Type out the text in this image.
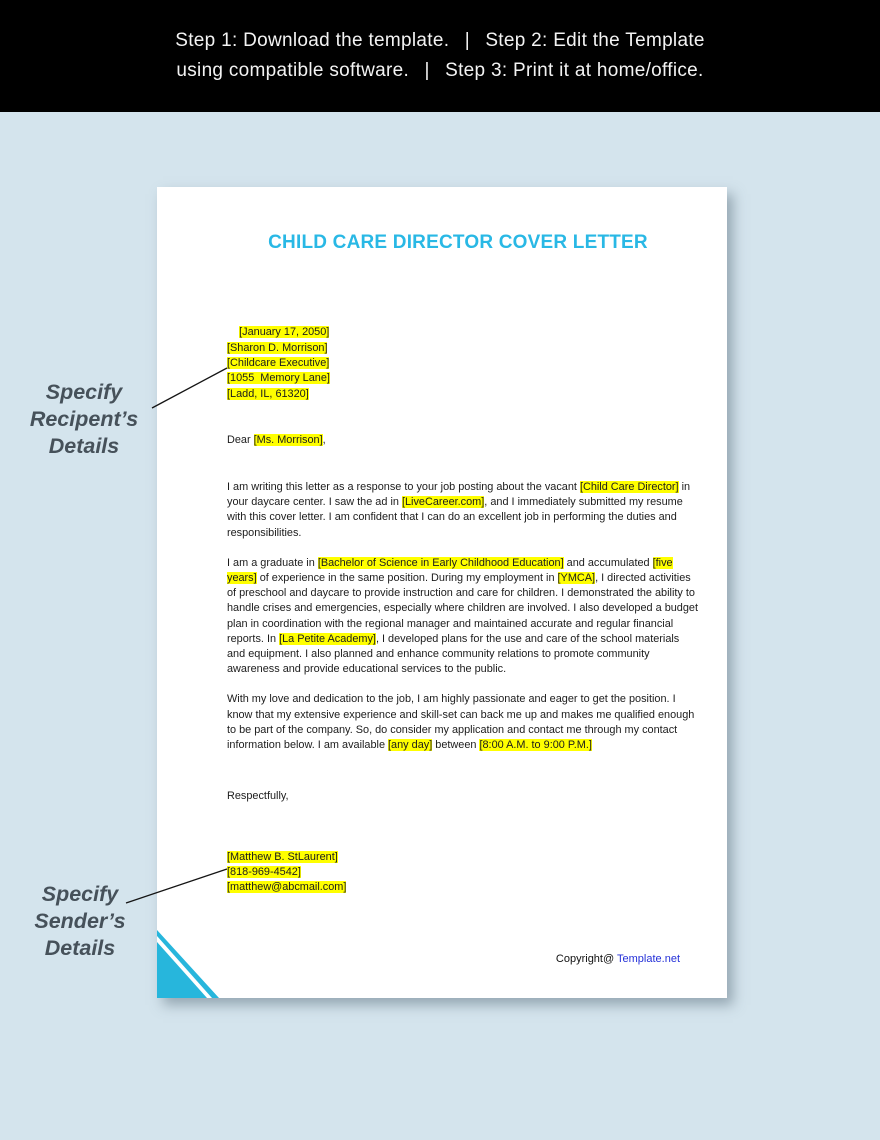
Step 1: Download the template.  |  Step 2: Edit the Template
using compatible software.  |  Step 3: Print it at home/office.
Specify
Recipent’s
Details
Specify
Sender’s
Details
CHILD CARE DIRECTOR COVER LETTER

[January 17, 2050]

[Sharon D. Morrison]
[Childcare Executive]
[1055  Memory Lane]
[Ladd, IL, 61320]
Dear [Ms. Morrison],

I am writing this letter as a response to your job posting about the vacant [Child Care Director] in your daycare center. I saw the ad in [LiveCareer.com], and I immediately submitted my resume with this cover letter. I am confident that I can do an excellent job in performing the duties and responsibilities.

I am a graduate in [Bachelor of Science in Early Childhood Education] and accumulated [five years] of experience in the same position. During my employment in [YMCA], I directed activities of preschool and daycare to provide instruction and care for children. I demonstrated the ability to handle crises and emergencies, especially where children are involved. I also developed a budget plan in coordination with the regional manager and maintained accurate and regular financial reports. In [La Petite Academy], I developed plans for the use and care of the school materials and equipment. I also planned and enhance community relations to promote community awareness and provide educational services to the public.

With my love and dedication to the job, I am highly passionate and eager to get the position. I know that my extensive experience and skill-set can back me up and makes me qualified enough to be part of the company. So, do consider my application and contact me through my contact information below. I am available [any day] between [8:00 A.M. to 9:00 P.M.]

Respectfully,
[Matthew B. StLaurent]
[818-969-4542]
[matthew@abcmail.com]
Copyright@ Template.net
